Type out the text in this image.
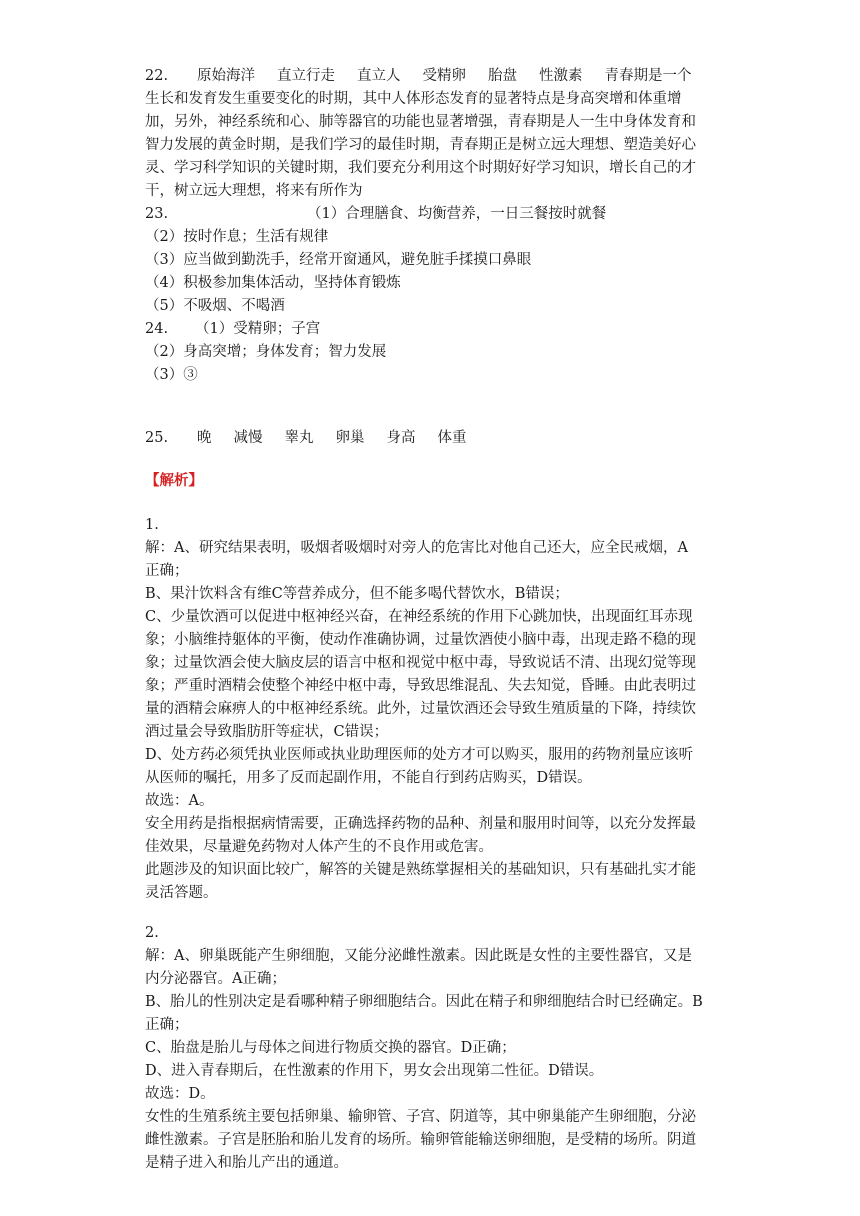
22. 原始海洋 直立行走 直立人 受精卵 胎盘 性激素 青春期是一个
生长和发育发生重要变化的时期，其中人体形态发育的显著特点是身高突增和体重增
加，另外，神经系统和心、肺等器官的功能也显著增强，青春期是人一生中身体发育和
智力发展的黄金时期，是我们学习的最佳时期，青春期正是树立远大理想、塑造美好心
灵、学习科学知识的关键时期，我们要充分利用这个时期好好学习知识，增长自己的才
干，树立远大理想，将来有所作为
23.	（1）合理膳食、均衡营养，一日三餐按时就餐
（2）按时作息；生活有规律
（3）应当做到勤洗手，经常开窗通风，避免脏手揉摸口鼻眼
（4）积极参加集体活动，坚持体育锻炼
（5）不吸烟、不喝酒
24. （1）受精卵；子宫
（2）身高突增；身体发育；智力发展
（3）③
25. 晚 减慢 睾丸 卵巢 身高 体重
【解析】
1.
解：A、研究结果表明，吸烟者吸烟时对旁人的危害比对他自己还大，应全民戒烟，A
正确；
B、果汁饮料含有维C等营养成分，但不能多喝代替饮水，B错误；
C、少量饮酒可以促进中枢神经兴奋，在神经系统的作用下心跳加快，出现面红耳赤现
象；小脑维持躯体的平衡，使动作准确协调，过量饮酒使小脑中毒，出现走路不稳的现
象；过量饮酒会使大脑皮层的语言中枢和视觉中枢中毒，导致说话不清、出现幻觉等现
象；严重时酒精会使整个神经中枢中毒，导致思维混乱、失去知觉，昏睡。由此表明过
量的酒精会麻痹人的中枢神经系统。此外，过量饮酒还会导致生殖质量的下降，持续饮
酒过量会导致脂肪肝等症状，C错误；
D、处方药必须凭执业医师或执业助理医师的处方才可以购买，服用的药物剂量应该听
从医师的嘱托，用多了反而起副作用，不能自行到药店购买，D错误。
故选：A。
安全用药是指根据病情需要，正确选择药物的品种、剂量和服用时间等，以充分发挥最
佳效果，尽量避免药物对人体产生的不良作用或危害。
此题涉及的知识面比较广，解答的关键是熟练掌握相关的基础知识，只有基础扎实才能
灵活答题。
2.
解：A、卵巢既能产生卵细胞，又能分泌雌性激素。因此既是女性的主要性器官，又是
内分泌器官。A正确；
B、胎儿的性别决定是看哪种精子卵细胞结合。因此在精子和卵细胞结合时已经确定。B
正确；
C、胎盘是胎儿与母体之间进行物质交换的器官。D正确；
D、进入青春期后，在性激素的作用下，男女会出现第二性征。D错误。
故选：D。
女性的生殖系统主要包括卵巢、输卵管、子宫、阴道等，其中卵巢能产生卵细胞，分泌
雌性激素。子宫是胚胎和胎儿发育的场所。输卵管能输送卵细胞，是受精的场所。阴道
是精子进入和胎儿产出的通道。
